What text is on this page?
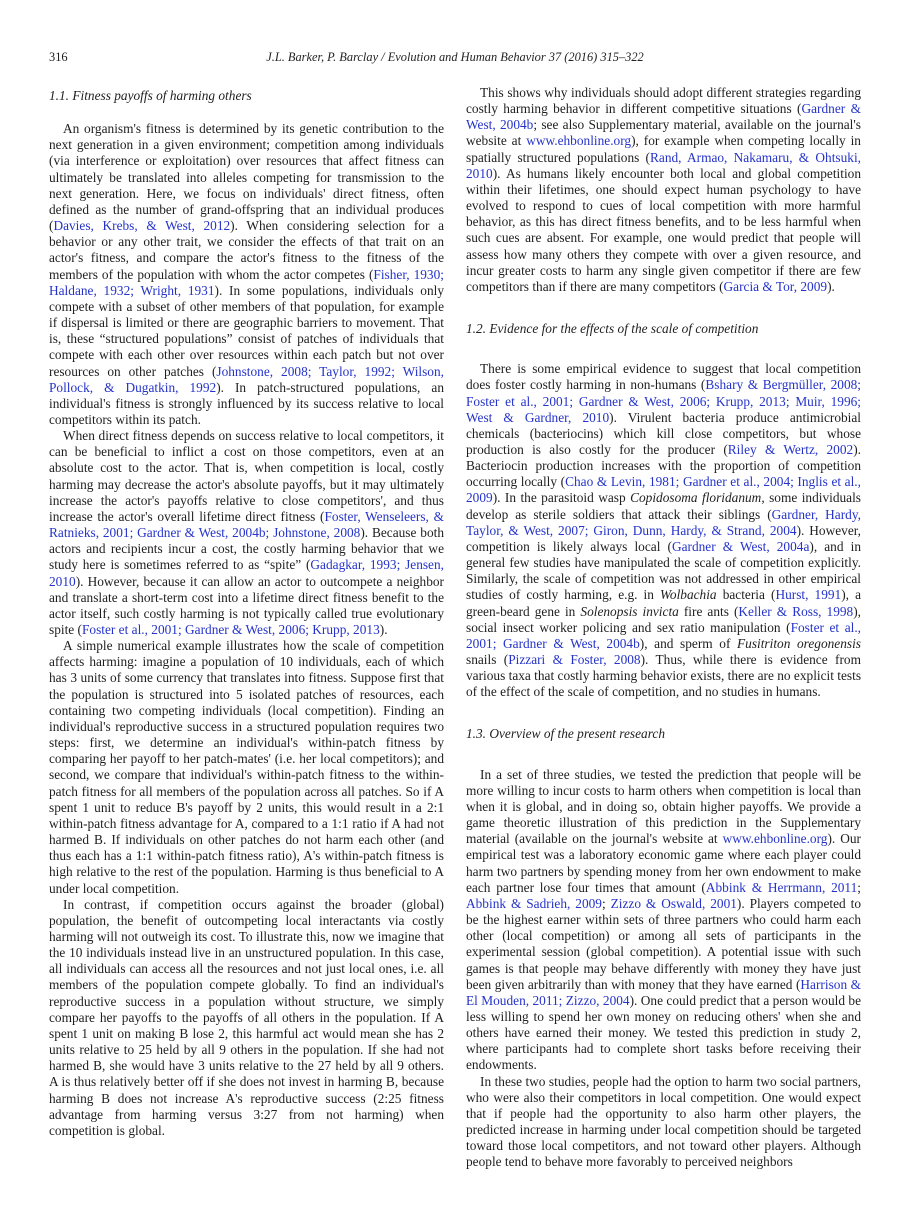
316	J.L. Barker, P. Barclay / Evolution and Human Behavior 37 (2016) 315–322
1.1. Fitness payoffs of harming others

An organism's fitness is determined by its genetic contribution to the next generation in a given environment; competition among individuals (via interference or exploitation) over resources that affect fitness can ultimately be translated into alleles competing for transmission to the next generation. Here, we focus on individuals' direct fitness, often defined as the number of grand-offspring that an individual produces (Davies, Krebs, & West, 2012). When considering selection for a behavior or any other trait, we consider the effects of that trait on an actor's fitness, and compare the actor's fitness to the fitness of the members of the population with whom the actor competes (Fisher, 1930; Haldane, 1932; Wright, 1931). In some populations, individuals only compete with a subset of other members of that population, for example if dispersal is limited or there are geographic barriers to movement. That is, these “structured populations” consist of patches of individuals that compete with each other over resources within each patch but not over resources on other patches (Johnstone, 2008; Taylor, 1992; Wilson, Pollock, & Dugatkin, 1992). In patch-structured populations, an individual's fitness is strongly influenced by its success relative to local competitors within its patch.

When direct fitness depends on success relative to local competitors, it can be beneficial to inflict a cost on those competitors, even at an absolute cost to the actor. That is, when competition is local, costly harming may decrease the actor's absolute payoffs, but it may ultimately increase the actor's payoffs relative to close competitors', and thus increase the actor's overall lifetime direct fitness (Foster, Wenseleers, & Ratnieks, 2001; Gardner & West, 2004b; Johnstone, 2008). Because both actors and recipients incur a cost, the costly harming behavior that we study here is sometimes referred to as “spite” (Gadagkar, 1993; Jensen, 2010). However, because it can allow an actor to outcompete a neighbor and translate a short-term cost into a lifetime direct fitness benefit to the actor itself, such costly harming is not typically called true evolutionary spite (Foster et al., 2001; Gardner & West, 2006; Krupp, 2013).

A simple numerical example illustrates how the scale of competition affects harming: imagine a population of 10 individuals, each of which has 3 units of some currency that translates into fitness. Suppose first that the population is structured into 5 isolated patches of resources, each containing two competing individuals (local competition). Finding an individual's reproductive success in a structured population requires two steps: first, we determine an individual's within-patch fitness by comparing her payoff to her patch-mates' (i.e. her local competitors); and second, we compare that individual's within-patch fitness to the within-patch fitness for all members of the population across all patches. So if A spent 1 unit to reduce B's payoff by 2 units, this would result in a 2:1 within-patch fitness advantage for A, compared to a 1:1 ratio if A had not harmed B. If individuals on other patches do not harm each other (and thus each has a 1:1 within-patch fitness ratio), A's within-patch fitness is high relative to the rest of the population. Harming is thus beneficial to A under local competition.

In contrast, if competition occurs against the broader (global) population, the benefit of outcompeting local interactants via costly harming will not outweigh its cost. To illustrate this, now we imagine that the 10 individuals instead live in an unstructured population. In this case, all individuals can access all the resources and not just local ones, i.e. all members of the population compete globally. To find an individual's reproductive success in a population without structure, we simply compare her payoffs to the payoffs of all others in the population. If A spent 1 unit on making B lose 2, this harmful act would mean she has 2 units relative to 25 held by all 9 others in the population. If she had not harmed B, she would have 3 units relative to the 27 held by all 9 others. A is thus relatively better off if she does not invest in harming B, because harming B does not increase A's reproductive success (2:25 fitness advantage from harming versus 3:27 from not harming) when competition is global.

This shows why individuals should adopt different strategies regarding costly harming behavior in different competitive situations (Gardner & West, 2004b; see also Supplementary material, available on the journal's website at www.ehbonline.org), for example when competing locally in spatially structured populations (Rand, Armao, Nakamaru, & Ohtsuki, 2010). As humans likely encounter both local and global competition within their lifetimes, one should expect human psychology to have evolved to respond to cues of local competition with more harmful behavior, as this has direct fitness benefits, and to be less harmful when such cues are absent. For example, one would predict that people will assess how many others they compete with over a given resource, and incur greater costs to harm any single given competitor if there are few competitors than if there are many competitors (Garcia & Tor, 2009).

1.2. Evidence for the effects of the scale of competition

There is some empirical evidence to suggest that local competition does foster costly harming in non-humans (Bshary & Bergmüller, 2008; Foster et al., 2001; Gardner & West, 2006; Krupp, 2013; Muir, 1996; West & Gardner, 2010). Virulent bacteria produce antimicrobial chemicals (bacteriocins) which kill close competitors, but whose production is also costly for the producer (Riley & Wertz, 2002). Bacteriocin production increases with the proportion of competition occurring locally (Chao & Levin, 1981; Gardner et al., 2004; Inglis et al., 2009). In the parasitoid wasp Copidosoma floridanum, some individuals develop as sterile soldiers that attack their siblings (Gardner, Hardy, Taylor, & West, 2007; Giron, Dunn, Hardy, & Strand, 2004). However, competition is likely always local (Gardner & West, 2004a), and in general few studies have manipulated the scale of competition explicitly. Similarly, the scale of competition was not addressed in other empirical studies of costly harming, e.g. in Wolbachia bacteria (Hurst, 1991), a green-beard gene in Solenopsis invicta fire ants (Keller & Ross, 1998), social insect worker policing and sex ratio manipulation (Foster et al., 2001; Gardner & West, 2004b), and sperm of Fusitriton oregonensis snails (Pizzari & Foster, 2008). Thus, while there is evidence from various taxa that costly harming behavior exists, there are no explicit tests of the effect of the scale of competition, and no studies in humans.

1.3. Overview of the present research

In a set of three studies, we tested the prediction that people will be more willing to incur costs to harm others when competition is local than when it is global, and in doing so, obtain higher payoffs. We provide a game theoretic illustration of this prediction in the Supplementary material (available on the journal's website at www.ehbonline.org). Our empirical test was a laboratory economic game where each player could harm two partners by spending money from her own endowment to make each partner lose four times that amount (Abbink & Herrmann, 2011; Abbink & Sadrieh, 2009; Zizzo & Oswald, 2001). Players competed to be the highest earner within sets of three partners who could harm each other (local competition) or among all sets of participants in the experimental session (global competition). A potential issue with such games is that people may behave differently with money they have just been given arbitrarily than with money that they have earned (Harrison & El Mouden, 2011; Zizzo, 2004). One could predict that a person would be less willing to spend her own money on reducing others' when she and others have earned their money. We tested this prediction in study 2, where participants had to complete short tasks before receiving their endowments.

In these two studies, people had the option to harm two social partners, who were also their competitors in local competition. One would expect that if people had the opportunity to also harm other players, the predicted increase in harming under local competition should be targeted toward those local competitors, and not toward other players. Although people tend to behave more favorably to perceived neighbors
